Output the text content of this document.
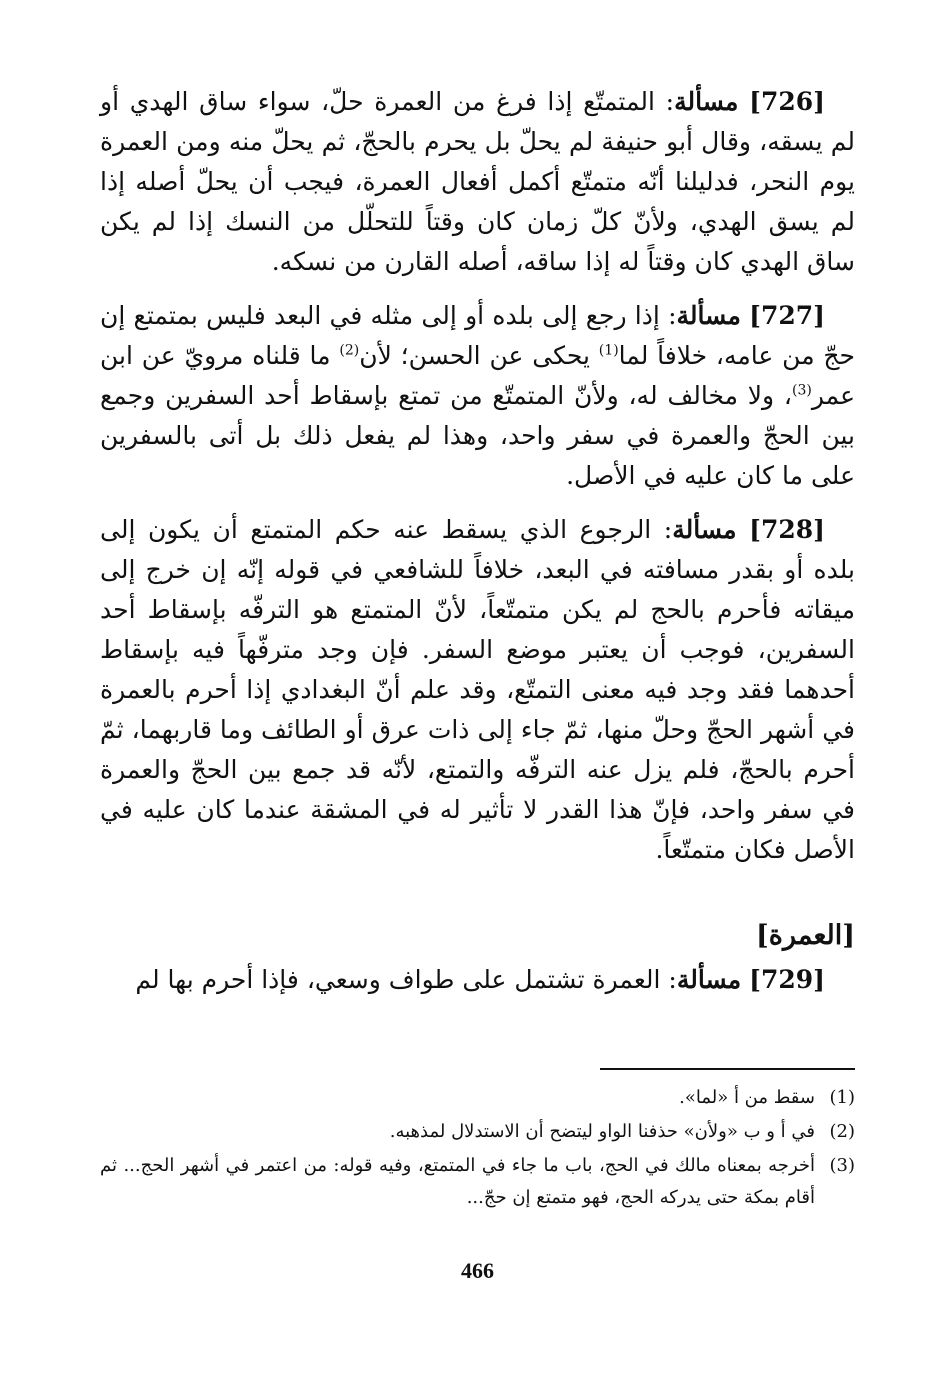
[726] مسألة: المتمتّع إذا فرغ من العمرة حلّ، سواء ساق الهدي أو لم يسقه، وقال أبو حنيفة لم يحلّ بل يحرم بالحجّ، ثم يحلّ منه ومن العمرة يوم النحر، فدليلنا أنّه متمتّع أكمل أفعال العمرة، فيجب أن يحلّ أصله إذا لم يسق الهدي، ولأنّ كلّ زمان كان وقتاً للتحلّل من النسك إذا لم يكن ساق الهدي كان وقتاً له إذا ساقه، أصله القارن من نسكه.

[727] مسألة: إذا رجع إلى بلده أو إلى مثله في البعد فليس بمتمتع إن حجّ من عامه، خلافاً لما$^{(1)}$ يحكى عن الحسن؛ لأن$^{(2)}$ ما قلناه مرويّ عن ابن عمر$^{(3)}$، ولا مخالف له، ولأنّ المتمتّع من تمتع بإسقاط أحد السفرين وجمع بين الحجّ والعمرة في سفر واحد، وهذا لم يفعل ذلك بل أتى بالسفرين على ما كان عليه في الأصل.

[728] مسألة: الرجوع الذي يسقط عنه حكم المتمتع أن يكون إلى بلده أو بقدر مسافته في البعد، خلافاً للشافعي في قوله إنّه إن خرج إلى ميقاته فأحرم بالحج لم يكن متمتّعاً، لأنّ المتمتع هو الترفّه بإسقاط أحد السفرين، فوجب أن يعتبر موضع السفر. فإن وجد مترفّهاً فيه بإسقاط أحدهما فقد وجد فيه معنى التمتّع، وقد علم أنّ البغدادي إذا أحرم بالعمرة في أشهر الحجّ وحلّ منها، ثمّ جاء إلى ذات عرق أو الطائف وما قاربهما، ثمّ أحرم بالحجّ، فلم يزل عنه الترفّه والتمتع، لأنّه قد جمع بين الحجّ والعمرة في سفر واحد، فإنّ هذا القدر لا تأثير له في المشقة عندما كان عليه في الأصل فكان متمتّعاً.

[العمرة]

[729] مسألة: العمرة تشتمل على طواف وسعي، فإذا أحرم بها لم

(1)
سقط من أ «لما».
(2)
في أ و ب «ولأن» حذفنا الواو ليتضح أن الاستدلال لمذهبه.
(3)
أخرجه بمعناه مالك في الحج، باب ما جاء في المتمتع، وفيه قوله: من اعتمر في أشهر الحج... ثم أقام بمكة حتى يدركه الحج، فهو متمتع إن حجّ...
466
